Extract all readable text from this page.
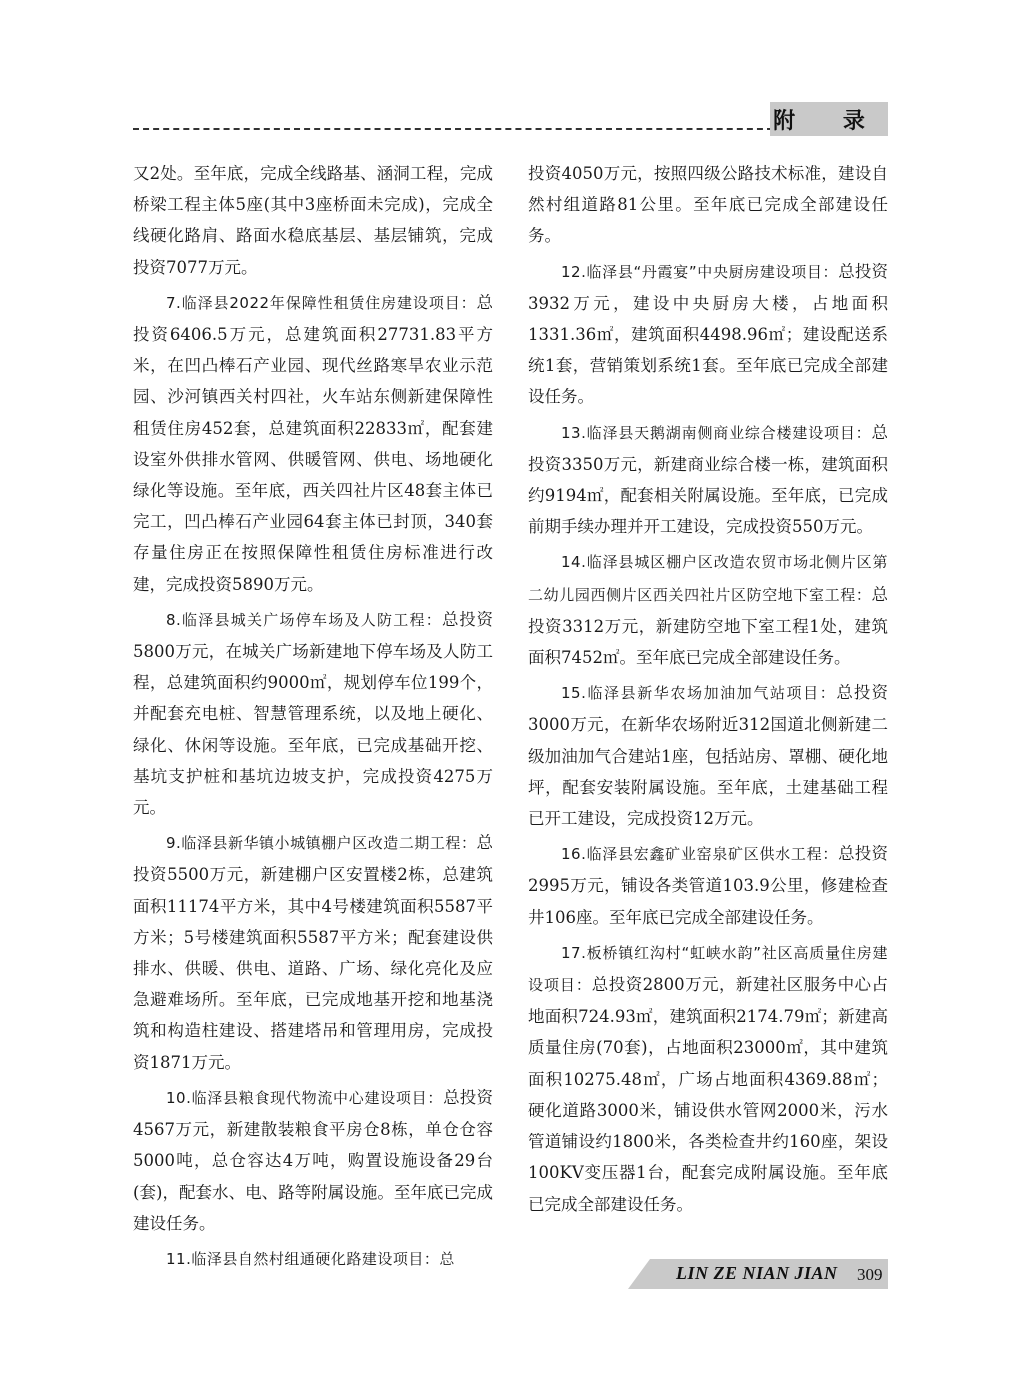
附 录

又2处。至年底，完成全线路基、涵洞工程，完成桥梁工程主体5座(其中3座桥面未完成)，完成全线硬化路肩、路面水稳底基层、基层铺筑，完成投资7077万元。

7.临泽县2022年保障性租赁住房建设项目：总投资6406.5万元，总建筑面积27731.83平方米，在凹凸棒石产业园、现代丝路寒旱农业示范园、沙河镇西关村四社，火车站东侧新建保障性租赁住房452套，总建筑面积22833㎡，配套建设室外供排水管网、供暖管网、供电、场地硬化绿化等设施。至年底，西关四社片区48套主体已完工，凹凸棒石产业园64套主体已封顶，340套存量住房正在按照保障性租赁住房标准进行改建，完成投资5890万元。

8.临泽县城关广场停车场及人防工程：总投资5800万元，在城关广场新建地下停车场及人防工程，总建筑面积约9000㎡，规划停车位199个，并配套充电桩、智慧管理系统，以及地上硬化、绿化、休闲等设施。至年底，已完成基础开挖、基坑支护桩和基坑边坡支护，完成投资4275万元。

9.临泽县新华镇小城镇棚户区改造二期工程：总投资5500万元，新建棚户区安置楼2栋，总建筑面积11174平方米，其中4号楼建筑面积5587平方米；5号楼建筑面积5587平方米；配套建设供排水、供暖、供电、道路、广场、绿化亮化及应急避难场所。至年底，已完成地基开挖和地基浇筑和构造柱建设、搭建塔吊和管理用房，完成投资1871万元。

10.临泽县粮食现代物流中心建设项目：总投资4567万元，新建散装粮食平房仓8栋，单仓仓容5000吨，总仓容达4万吨，购置设施设备29台(套)，配套水、电、路等附属设施。至年底已完成建设任务。

11.临泽县自然村组通硬化路建设项目：总

投资4050万元，按照四级公路技术标准，建设自然村组道路81公里。至年底已完成全部建设任务。

12.临泽县“丹霞宴”中央厨房建设项目：总投资3932万元，建设中央厨房大楼，占地面积1331.36㎡，建筑面积4498.96㎡；建设配送系统1套，营销策划系统1套。至年底已完成全部建设任务。

13.临泽县天鹅湖南侧商业综合楼建设项目：总投资3350万元，新建商业综合楼一栋，建筑面积约9194㎡，配套相关附属设施。至年底，已完成前期手续办理并开工建设，完成投资550万元。

14.临泽县城区棚户区改造农贸市场北侧片区第二幼儿园西侧片区西关四社片区防空地下室工程：总投资3312万元，新建防空地下室工程1处，建筑面积7452㎡。至年底已完成全部建设任务。

15.临泽县新华农场加油加气站项目：总投资3000万元，在新华农场附近312国道北侧新建二级加油加气合建站1座，包括站房、罩棚、硬化地坪，配套安装附属设施。至年底，土建基础工程已开工建设，完成投资12万元。

16.临泽县宏鑫矿业窑泉矿区供水工程：总投资2995万元，铺设各类管道103.9公里，修建检查井106座。至年底已完成全部建设任务。

17.板桥镇红沟村“虹峡水韵”社区高质量住房建设项目：总投资2800万元，新建社区服务中心占地面积724.93㎡，建筑面积2174.79㎡；新建高质量住房(70套)，占地面积23000㎡，其中建筑面积10275.48㎡，广场占地面积4369.88㎡；硬化道路3000米，铺设供水管网2000米，污水管道铺设约1800米，各类检查井约160座，架设100KV变压器1台，配套完成附属设施。至年底已完成全部建设任务。

LIN ZE NIAN JIAN 309
